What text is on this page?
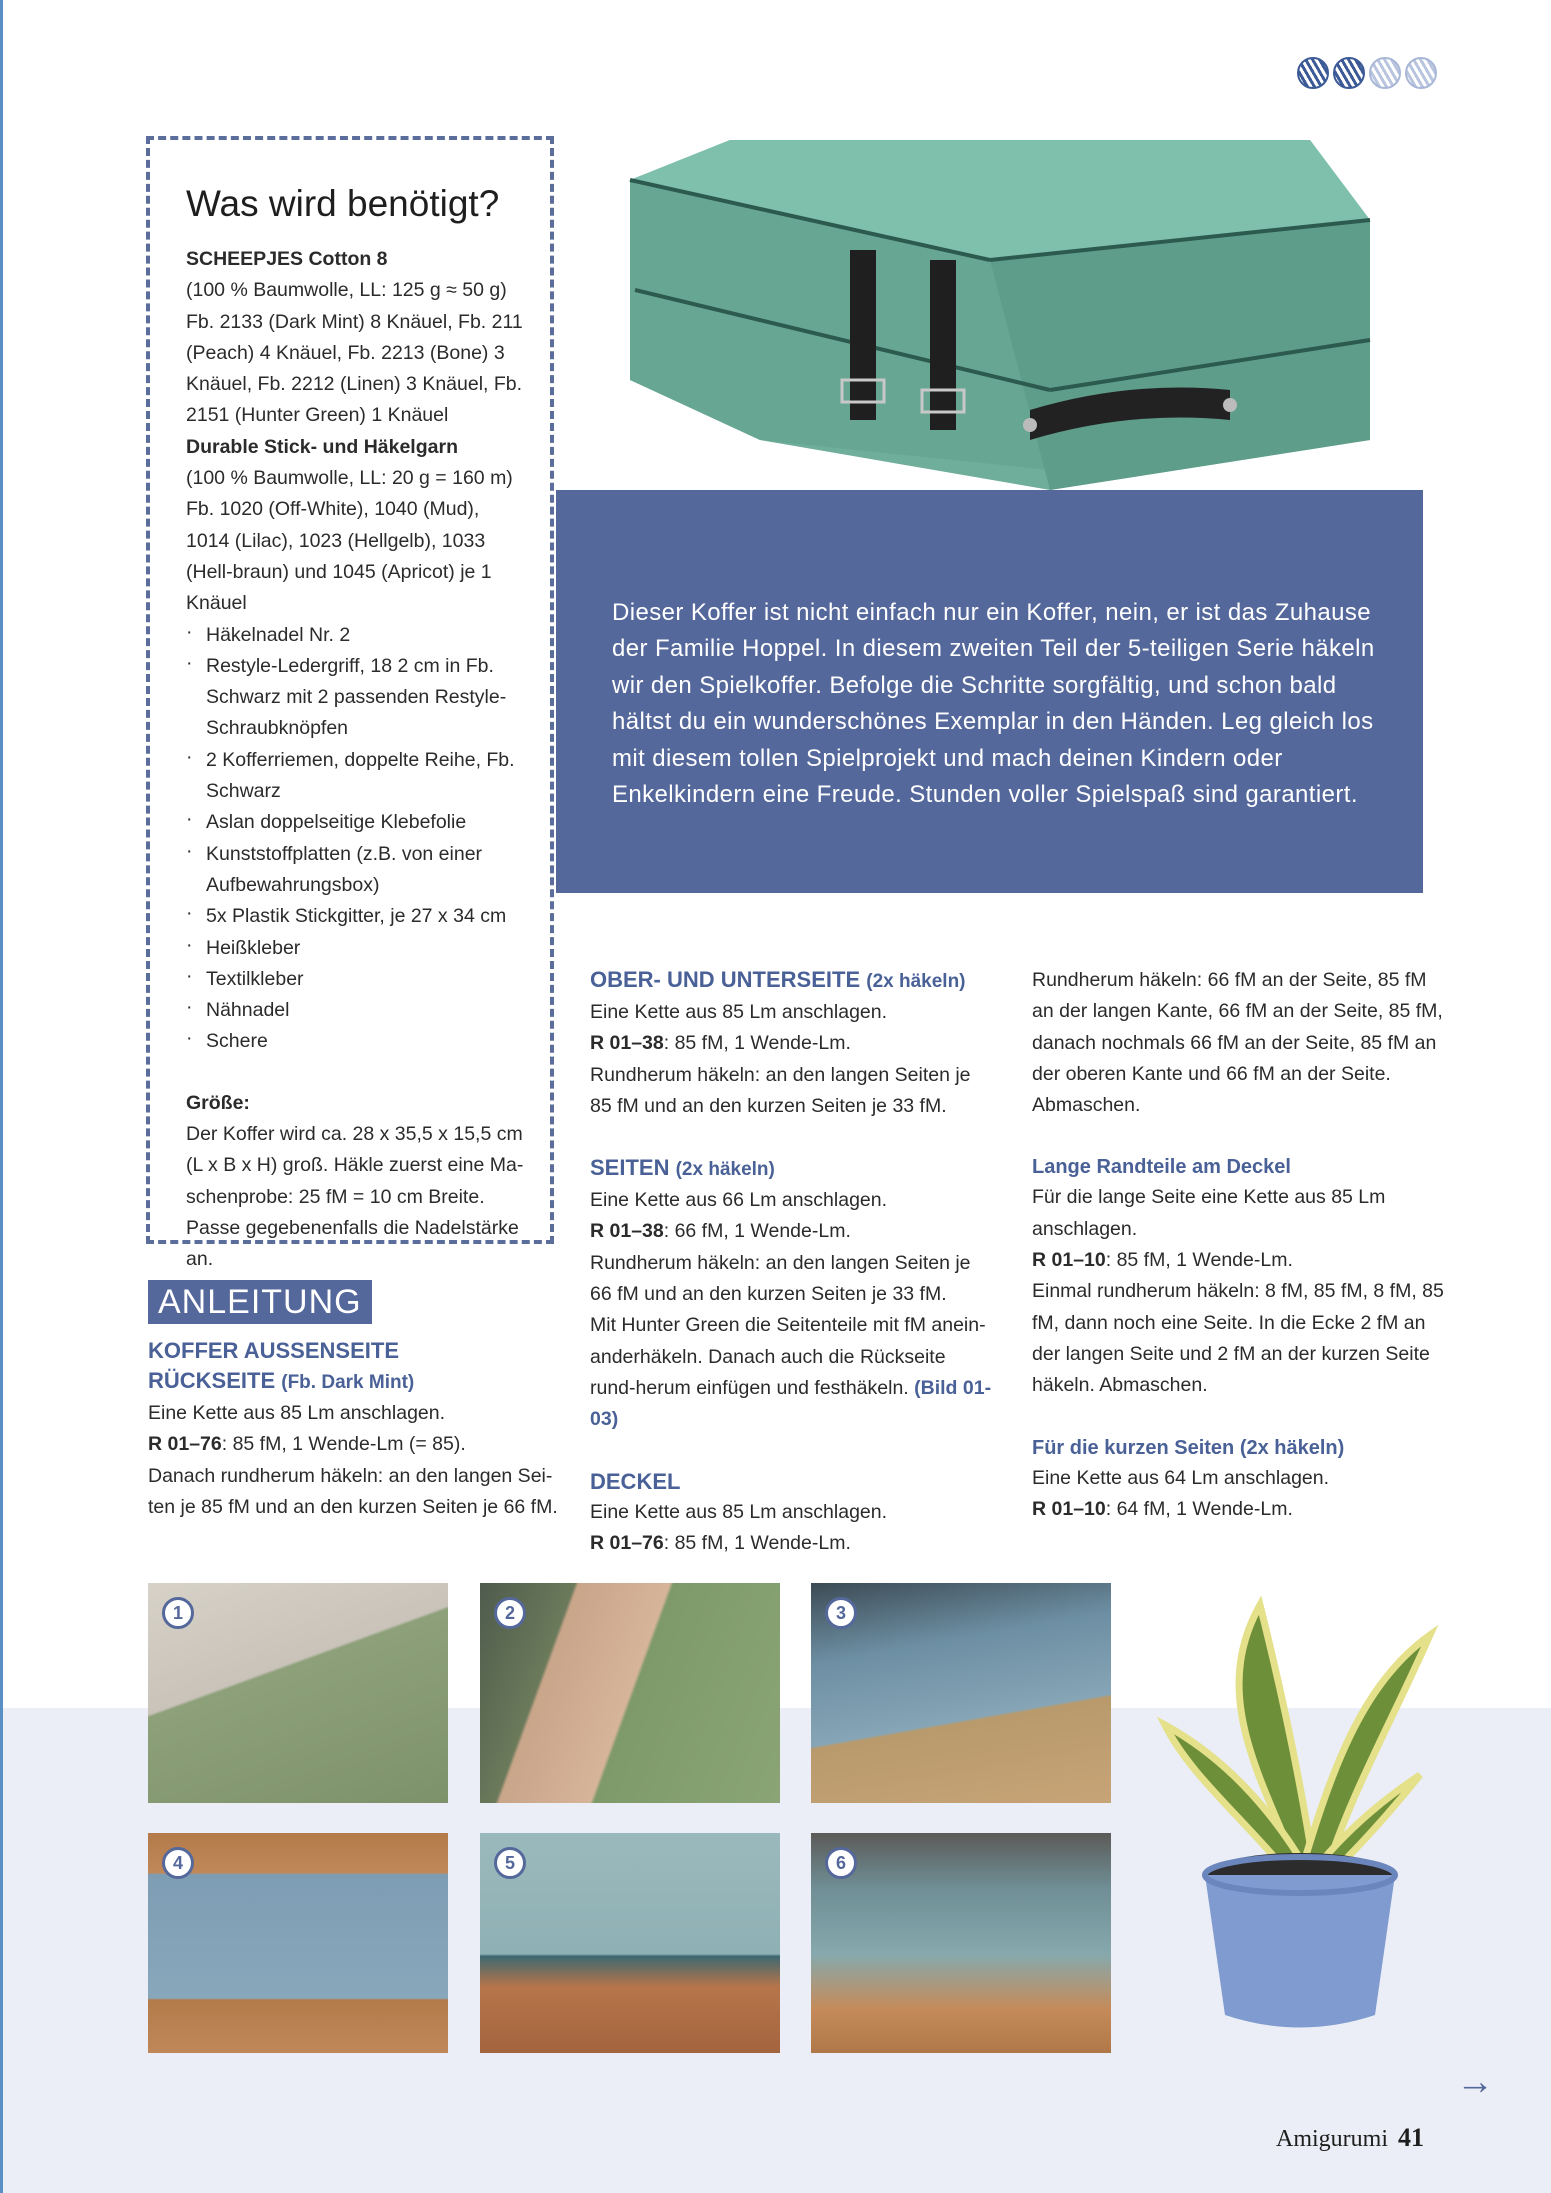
Was wird benötigt?

SCHEEPJES Cotton 8

(100 % Baumwolle, LL: 125 g ≈ 50 g) Fb. 2133 (Dark Mint) 8 Knäuel, Fb. 211 (Peach) 4 Knäuel, Fb. 2213 (Bone) 3 Knäuel, Fb. 2212 (Linen) 3 Knäuel, Fb. 2151 (Hunter Green) 1 Knäuel

Durable Stick- und Häkelgarn

(100 % Baumwolle, LL: 20 g = 160 m) Fb. 1020 (Off-White), 1040 (Mud), 1014 (Lilac), 1023 (Hellgelb), 1033 (Hell-braun) und 1045 (Apricot) je 1 Knäuel

· Häkelnadel Nr. 2
· Restyle-Ledergriff, 18 2 cm in Fb. Schwarz mit 2 passenden Restyle-Schraubknöpfen
· 2 Kofferriemen, doppelte Reihe, Fb. Schwarz
· Aslan doppelseitige Klebefolie
· Kunststoffplatten (z.B. von einer Aufbewahrungsbox)
· 5x Plastik Stickgitter, je 27 x 34 cm
· Heißkleber
· Textilkleber
· Nähnadel
· Schere

Größe:

Der Koffer wird ca. 28 x 35,5 x 15,5 cm (L x B x H) groß. Häkle zuerst eine Ma-schenprobe: 25 fM = 10 cm Breite. Passe gegebenenfalls die Nadelstärke an.

Dieser Koffer ist nicht einfach nur ein Koffer, nein, er ist das Zuhause der Familie Hoppel. In diesem zweiten Teil der 5-teiligen Serie häkeln wir den Spielkoffer. Befolge die Schritte sorgfältig, und schon bald hältst du ein wunderschönes Exemplar in den Händen. Leg gleich los mit diesem tollen Spielprojekt und mach deinen Kindern oder Enkelkindern eine Freude. Stunden voller Spielspaß sind garantiert.
ANLEITUNG

KOFFER AUSSENSEITE

RÜCKSEITE (Fb. Dark Mint)

Eine Kette aus 85 Lm anschlagen.

R 01–76: 85 fM, 1 Wende-Lm (= 85).

Danach rundherum häkeln: an den langen Sei-ten je 85 fM und an den kurzen Seiten je 66 fM.

OBER- UND UNTERSEITE (2x häkeln)

Eine Kette aus 85 Lm anschlagen.

R 01–38: 85 fM, 1 Wende-Lm.

Rundherum häkeln: an den langen Seiten je 85 fM und an den kurzen Seiten je 33 fM.

SEITEN (2x häkeln)

Eine Kette aus 66 Lm anschlagen.

R 01–38: 66 fM, 1 Wende-Lm.

Rundherum häkeln: an den langen Seiten je 66 fM und an den kurzen Seiten je 33 fM.

Mit Hunter Green die Seitenteile mit fM anein-anderhäkeln. Danach auch die Rückseite rund-herum einfügen und festhäkeln. (Bild 01-03)

DECKEL

Eine Kette aus 85 Lm anschlagen.

R 01–76: 85 fM, 1 Wende-Lm.

Rundherum häkeln: 66 fM an der Seite, 85 fM an der langen Kante, 66 fM an der Seite, 85 fM, danach nochmals 66 fM an der Seite, 85 fM an der oberen Kante und 66 fM an der Seite. Abmaschen.

Lange Randteile am Deckel

Für die lange Seite eine Kette aus 85 Lm anschlagen.

R 01–10: 85 fM, 1 Wende-Lm.

Einmal rundherum häkeln: 8 fM, 85 fM, 8 fM, 85 fM, dann noch eine Seite. In die Ecke 2 fM an der langen Seite und 2 fM an der kurzen Seite häkeln. Abmaschen.

Für die kurzen Seiten (2x häkeln)

Eine Kette aus 64 Lm anschlagen.

R 01–10: 64 fM, 1 Wende-Lm.

1	2	3
4	5	6
→
Amigurumi 41
